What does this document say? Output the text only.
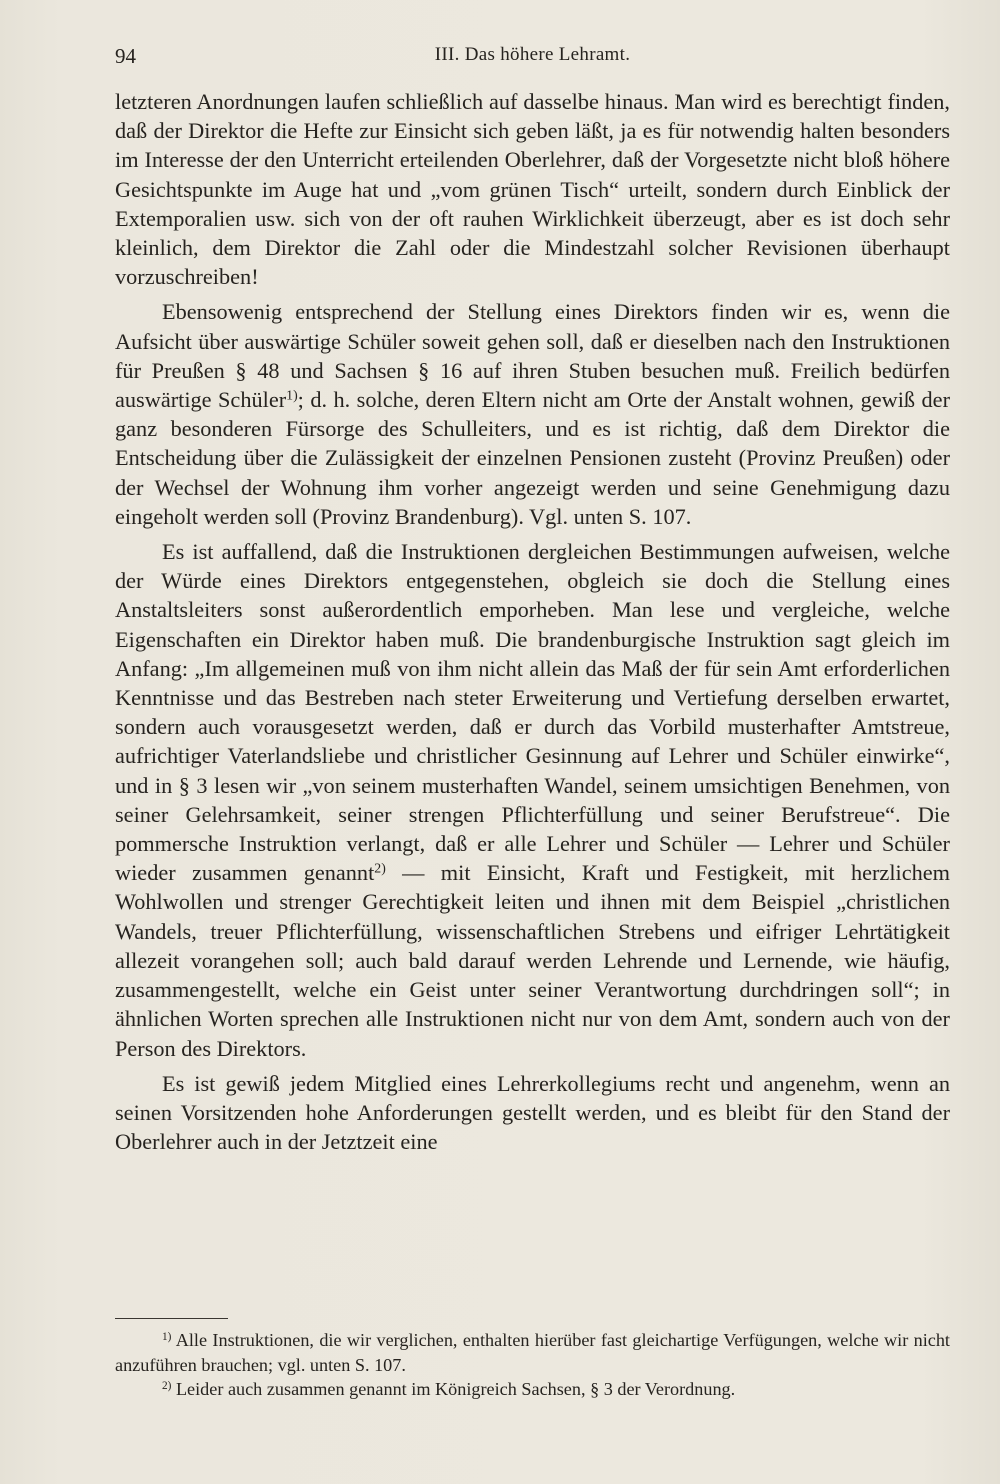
94	III. Das höhere Lehramt.

letzteren Anordnungen laufen schließlich auf dasselbe hinaus. Man wird es berechtigt finden, daß der Direktor die Hefte zur Einsicht sich geben läßt, ja es für notwendig halten besonders im Interesse der den Unterricht erteilenden Oberlehrer, daß der Vorgesetzte nicht bloß höhere Gesichtspunkte im Auge hat und „vom grünen Tisch“ urteilt, sondern durch Einblick der Extemporalien usw. sich von der oft rauhen Wirklichkeit überzeugt, aber es ist doch sehr kleinlich, dem Direktor die Zahl oder die Mindestzahl solcher Revisionen überhaupt vorzuschreiben!

Ebensowenig entsprechend der Stellung eines Direktors finden wir es, wenn die Aufsicht über auswärtige Schüler soweit gehen soll, daß er dieselben nach den Instruktionen für Preußen § 48 und Sachsen § 16 auf ihren Stuben besuchen muß. Freilich bedürfen auswärtige Schüler$^{1)}$; d. h. solche, deren Eltern nicht am Orte der Anstalt wohnen, gewiß der ganz besonderen Fürsorge des Schulleiters, und es ist richtig, daß dem Direktor die Entscheidung über die Zulässigkeit der einzelnen Pensionen zusteht (Provinz Preußen) oder der Wechsel der Wohnung ihm vorher angezeigt werden und seine Genehmigung dazu eingeholt werden soll (Provinz Brandenburg). Vgl. unten S. 107.

Es ist auffallend, daß die Instruktionen dergleichen Bestimmungen aufweisen, welche der Würde eines Direktors entgegenstehen, obgleich sie doch die Stellung eines Anstaltsleiters sonst außerordentlich emporheben. Man lese und vergleiche, welche Eigenschaften ein Direktor haben muß. Die brandenburgische Instruktion sagt gleich im Anfang: „Im allgemeinen muß von ihm nicht allein das Maß der für sein Amt erforderlichen Kenntnisse und das Bestreben nach steter Erweiterung und Vertiefung derselben erwartet, sondern auch vorausgesetzt werden, daß er durch das Vorbild musterhafter Amtstreue, aufrichtiger Vaterlandsliebe und christlicher Gesinnung auf Lehrer und Schüler einwirke“, und in § 3 lesen wir „von seinem musterhaften Wandel, seinem umsichtigen Benehmen, von seiner Gelehrsamkeit, seiner strengen Pflichterfüllung und seiner Berufstreue“. Die pommersche Instruktion verlangt, daß er alle Lehrer und Schüler — Lehrer und Schüler wieder zusammen genannt$^{2)}$ — mit Einsicht, Kraft und Festigkeit, mit herzlichem Wohlwollen und strenger Gerechtigkeit leiten und ihnen mit dem Beispiel „christlichen Wandels, treuer Pflichterfüllung, wissenschaftlichen Strebens und eifriger Lehrtätigkeit allezeit vorangehen soll; auch bald darauf werden Lehrende und Lernende, wie häufig, zusammengestellt, welche ein Geist unter seiner Verantwortung durchdringen soll“; in ähnlichen Worten sprechen alle Instruktionen nicht nur von dem Amt, sondern auch von der Person des Direktors.

Es ist gewiß jedem Mitglied eines Lehrerkollegiums recht und angenehm, wenn an seinen Vorsitzenden hohe Anforderungen gestellt werden, und es bleibt für den Stand der Oberlehrer auch in der Jetztzeit eine

$^{1)}$ Alle Instruktionen, die wir verglichen, enthalten hierüber fast gleichartige Verfügungen, welche wir nicht anzuführen brauchen; vgl. unten S. 107.

$^{2)}$ Leider auch zusammen genannt im Königreich Sachsen, § 3 der Verordnung.
